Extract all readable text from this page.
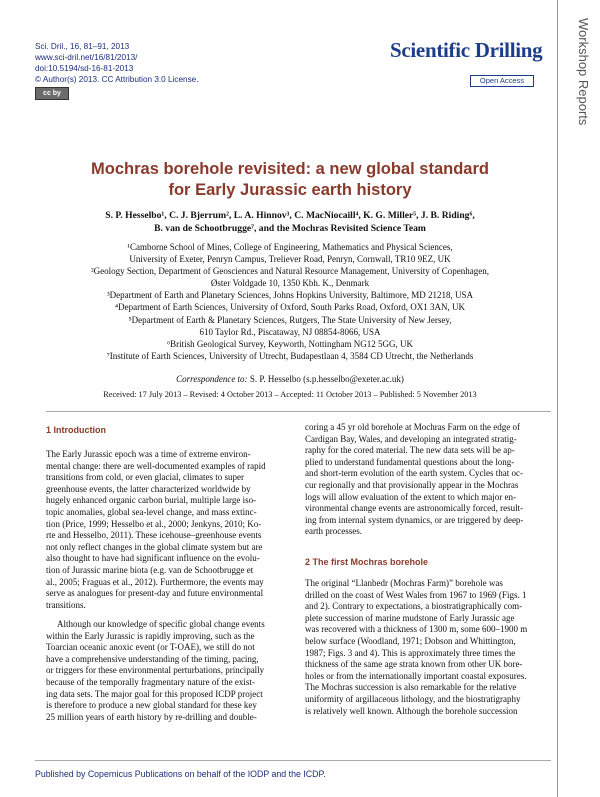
Sci. Dril., 16, 81–91, 2013
www.sci-dril.net/16/81/2013/
doi:10.5194/sd-16-81-2013
© Author(s) 2013. CC Attribution 3.0 License.
cc by
Scientific Drilling
Open Access	Workshop Reports
Mochras borehole revisited: a new global standard
for Early Jurassic earth history
S. P. Hesselbo¹, C. J. Bjerrum², L. A. Hinnov³, C. MacNiocaill⁴, K. G. Miller⁵, J. B. Riding⁶,
B. van de Schootbrugge⁷, and the Mochras Revisited Science Team
¹Camborne School of Mines, College of Engineering, Mathematics and Physical Sciences,
University of Exeter, Penryn Campus, Treliever Road, Penryn, Cornwall, TR10 9EZ, UK
²Geology Section, Department of Geosciences and Natural Resource Management, University of Copenhagen,
Øster Voldgade 10, 1350 Kbh. K., Denmark
³Department of Earth and Planetary Sciences, Johns Hopkins University, Baltimore, MD 21218, USA
⁴Department of Earth Sciences, University of Oxford, South Parks Road, Oxford, OX1 3AN, UK
⁵Department of Earth & Planetary Sciences, Rutgers, The State University of New Jersey,
610 Taylor Rd., Piscataway, NJ 08854-8066, USA
⁶British Geological Survey, Keyworth, Nottingham NG12 5GG, UK
⁷Institute of Earth Sciences, University of Utrecht, Budapestlaan 4, 3584 CD Utrecht, the Netherlands
Correspondence to: S. P. Hesselbo (s.p.hesselbo@exeter.ac.uk)
Received: 17 July 2013 – Revised: 4 October 2013 – Accepted: 11 October 2013 – Published: 5 November 2013
1 Introduction
The Early Jurassic epoch was a time of extreme environ-
mental change: there are well-documented examples of rapid
transitions from cold, or even glacial, climates to super
greenhouse events, the latter characterized worldwide by
hugely enhanced organic carbon burial, multiple large iso-
topic anomalies, global sea-level change, and mass extinc-
tion (Price, 1999; Hesselbo et al., 2000; Jenkyns, 2010; Ko-
rte and Hesselbo, 2011). These icehouse–greenhouse events
not only reflect changes in the global climate system but are
also thought to have had significant influence on the evolu-
tion of Jurassic marine biota (e.g. van de Schootbrugge et
al., 2005; Fraguas et al., 2012). Furthermore, the events may
serve as analogues for present-day and future environmental
transitions.
Although our knowledge of specific global change events
within the Early Jurassic is rapidly improving, such as the
Toarcian oceanic anoxic event (or T-OAE), we still do not
have a comprehensive understanding of the timing, pacing,
or triggers for these environmental perturbations, principally
because of the temporally fragmentary nature of the exist-
ing data sets. The major goal for this proposed ICDP project
is therefore to produce a new global standard for these key
25 million years of earth history by re-drilling and double-
coring a 45 yr old borehole at Mochras Farm on the edge of
Cardigan Bay, Wales, and developing an integrated stratig-
raphy for the cored material. The new data sets will be ap-
plied to understand fundamental questions about the long-
and short-term evolution of the earth system. Cycles that oc-
cur regionally and that provisionally appear in the Mochras
logs will allow evaluation of the extent to which major en-
vironmental change events are astronomically forced, result-
ing from internal system dynamics, or are triggered by deep-
earth processes.
2 The first Mochras borehole
The original “Llanbedr (Mochras Farm)” borehole was
drilled on the coast of West Wales from 1967 to 1969 (Figs. 1
and 2). Contrary to expectations, a biostratigraphically com-
plete succession of marine mudstone of Early Jurassic age
was recovered with a thickness of 1300 m, some 600–1900 m
below surface (Woodland, 1971; Dobson and Whittington,
1987; Figs. 3 and 4). This is approximately three times the
thickness of the same age strata known from other UK bore-
holes or from the internationally important coastal exposures.
The Mochras succession is also remarkable for the relative
uniformity of argillaceous lithology, and the biostratigraphy
is relatively well known. Although the borehole succession
Published by Copernicus Publications on behalf of the IODP and the ICDP.
